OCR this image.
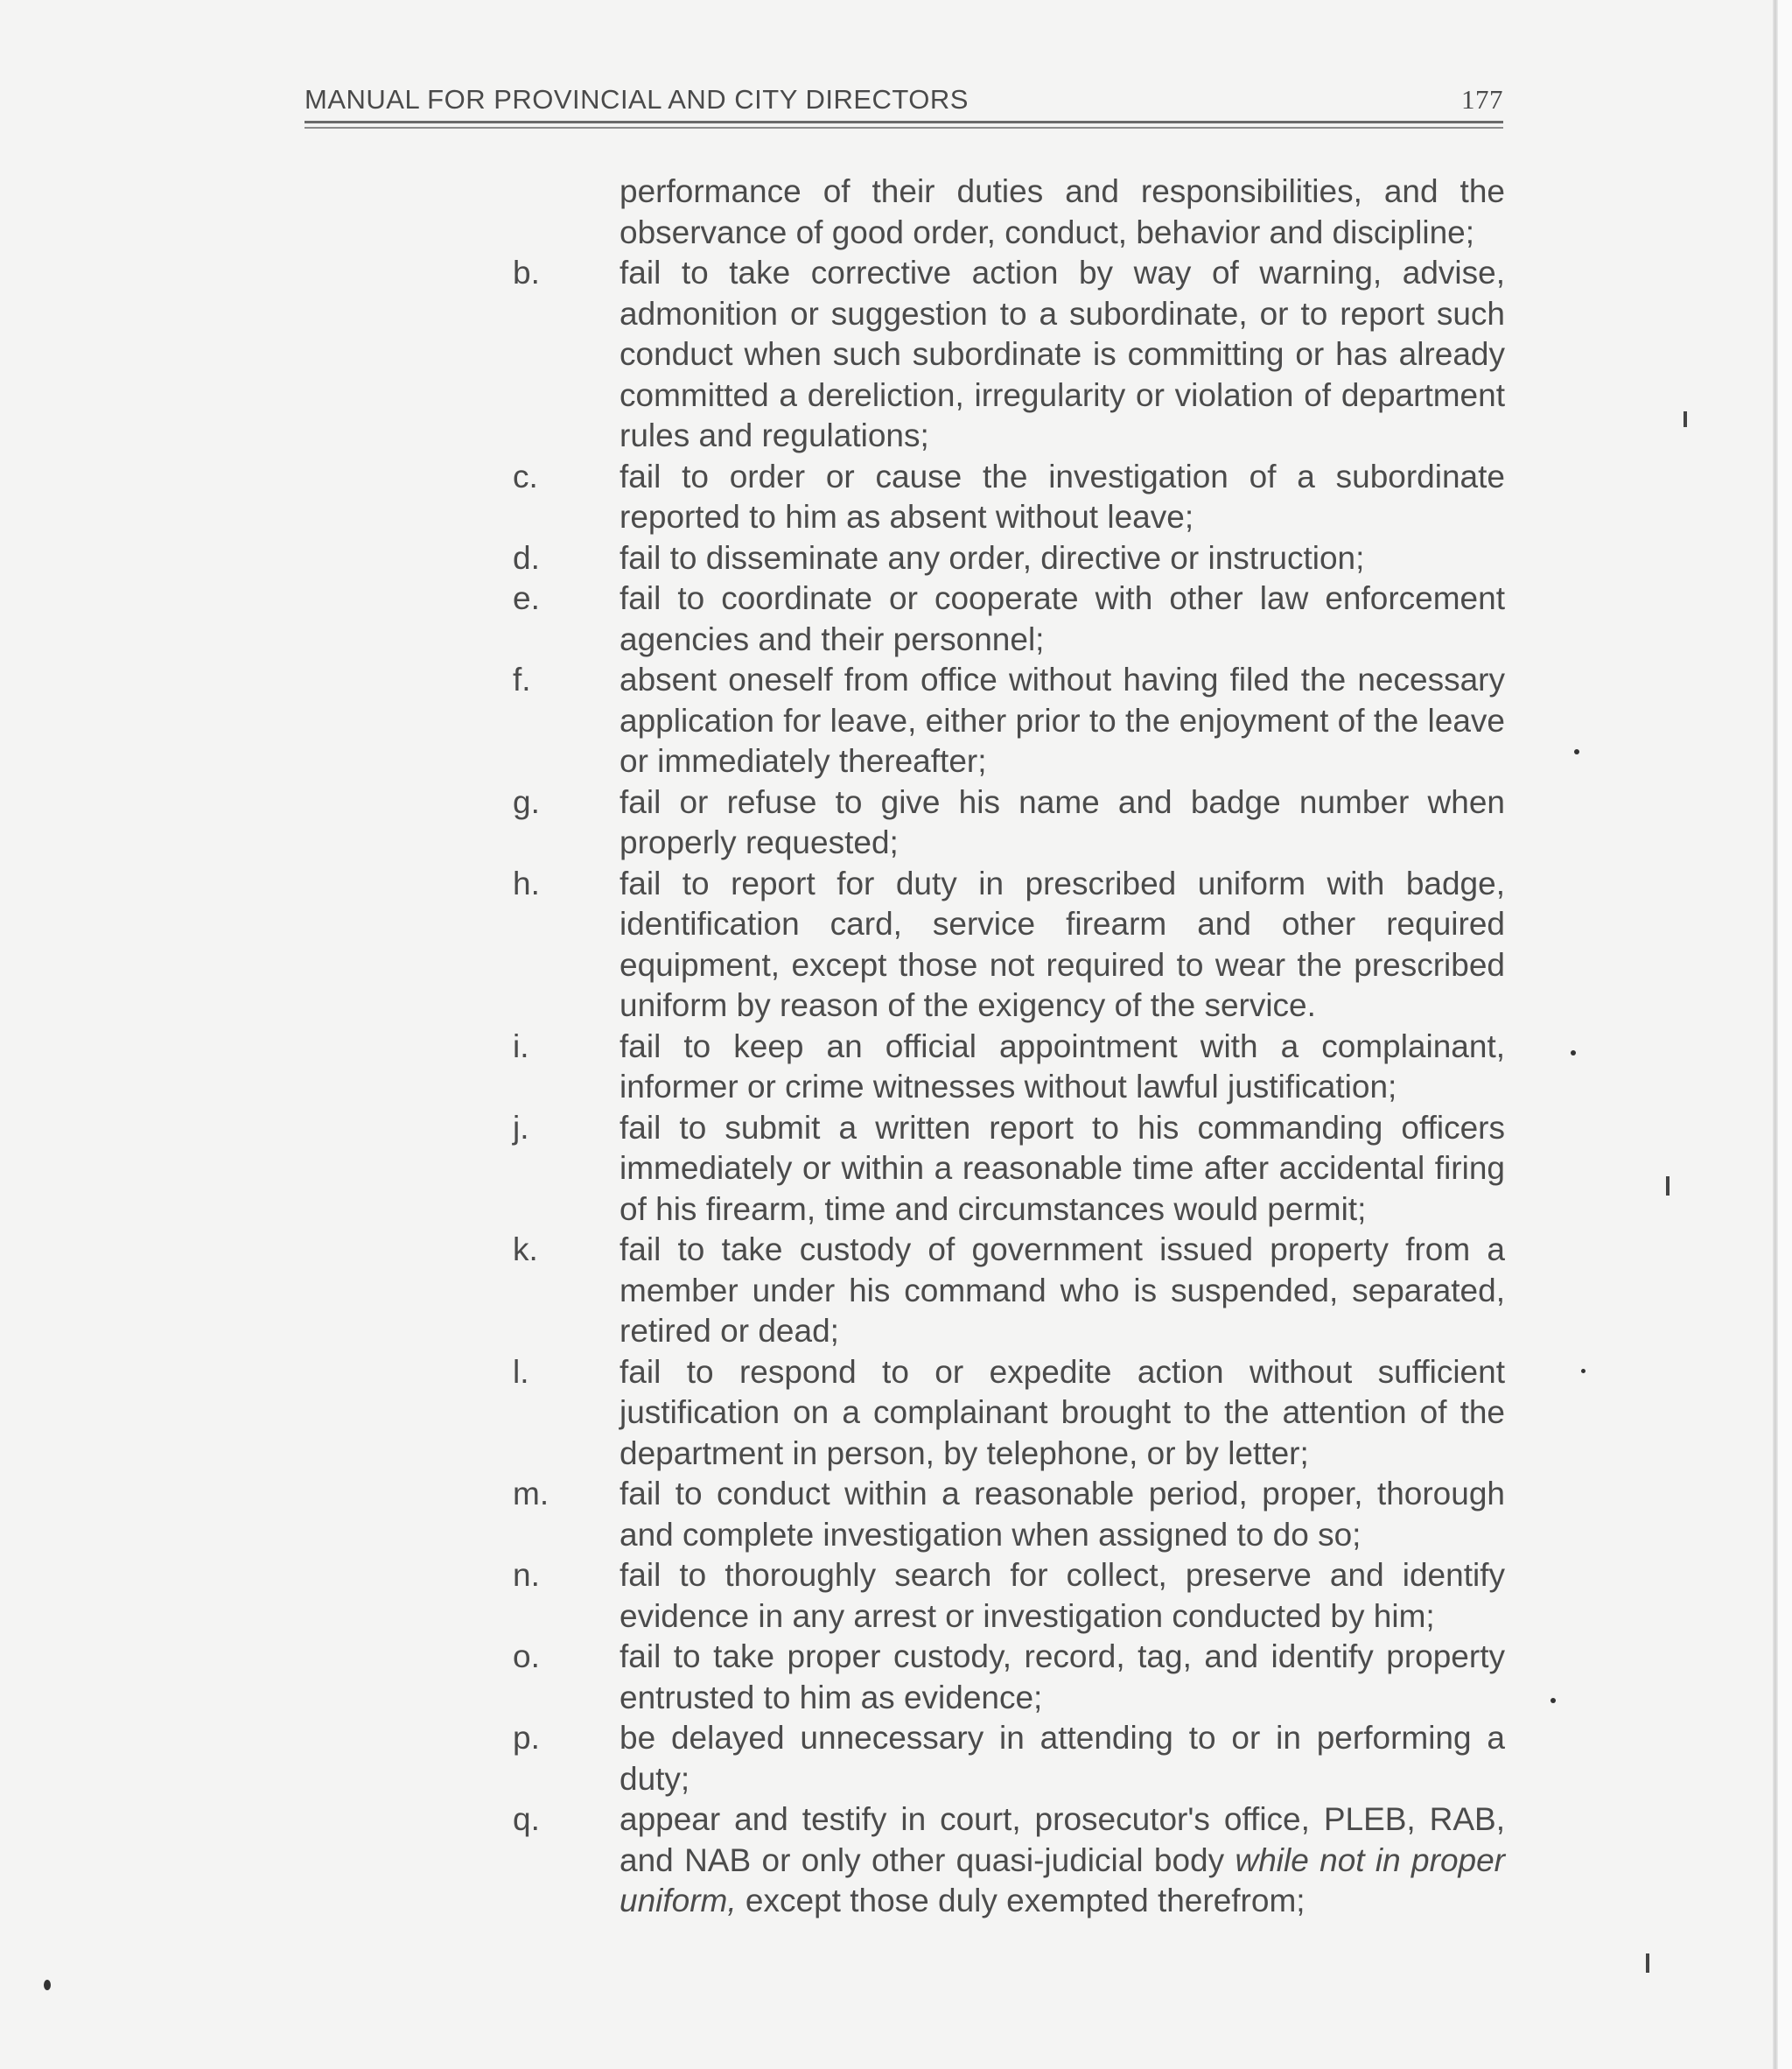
MANUAL FOR PROVINCIAL AND CITY DIRECTORS	177
performance of their duties and responsibilities, and the observance of good order, conduct, behavior and discipline;
b.	fail to take corrective action by way of warning, advise, admonition or suggestion to a subordinate, or to report such conduct when such subordinate is committing or has already committed a dereliction, irregularity or violation of department rules and regulations;
c.	fail to order or cause the investigation of a subordinate reported to him as absent without leave;
d.	fail to disseminate any order, directive or instruction;
e.	fail to coordinate or cooperate with other law enforcement agencies and their personnel;
f.	absent oneself from office without having filed the necessary application for leave, either prior to the enjoyment of the leave or immediately thereafter;
g.	fail or refuse to give his name and badge number when properly requested;
h.	fail to report for duty in prescribed uniform with badge, identification card, service firearm and other required equipment, except those not required to wear the prescribed uniform by reason of the exigency of the service.
i.	fail to keep an official appointment with a complainant, informer or crime witnesses without lawful justification;
j.	fail to submit a written report to his commanding officers immediately or within a reasonable time after accidental firing of his firearm, time and circumstances would permit;
k.	fail to take custody of government issued property from a member under his command who is suspended, separated, retired or dead;
l.	fail to respond to or expedite action without sufficient justification on a complainant brought to the attention of the department in person, by telephone, or by letter;
m.	fail to conduct within a reasonable period, proper, thorough and complete investigation when assigned to do so;
n.	fail to thoroughly search for collect, preserve and identify evidence in any arrest or investigation conducted by him;
o.	fail to take proper custody, record, tag, and identify property entrusted to him as evidence;
p.	be delayed unnecessary in attending to or in performing a duty;
q.	appear and testify in court, prosecutor's office, PLEB, RAB, and NAB or only other quasi-judicial body while not in proper uniform, except those duly exempted therefrom;
